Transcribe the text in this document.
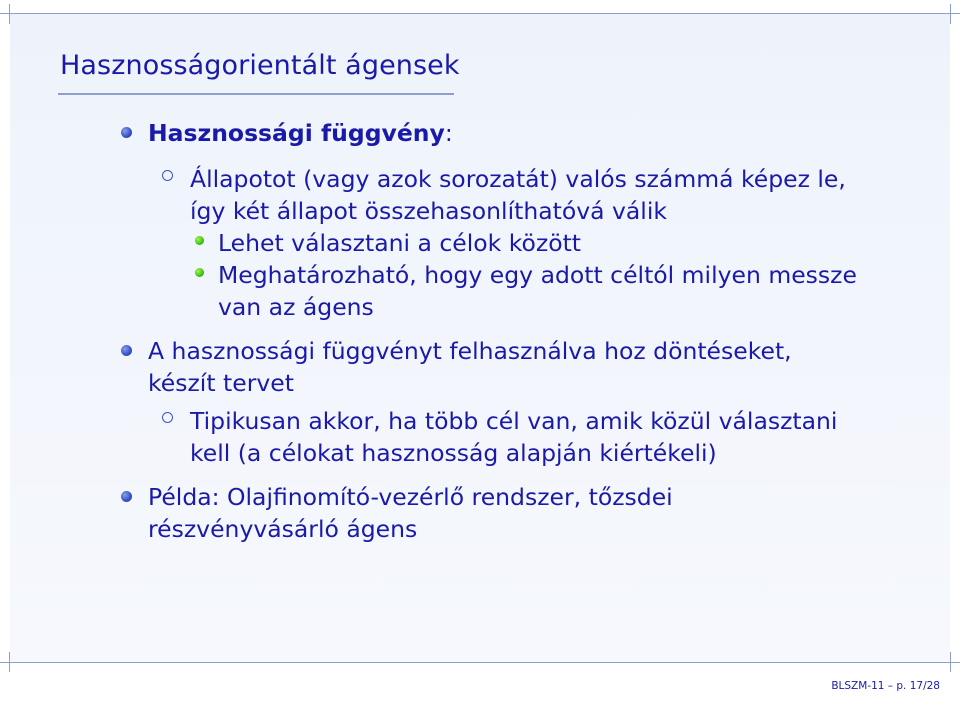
Hasznosságorientált ágensek
Hasznossági függvény:
Állapotot (vagy azok sorozatát) valós számmá képez le,
így két állapot összehasonlíthatóvá válik
Lehet választani a célok között
Meghatározható, hogy egy adott céltól milyen messze
van az ágens
A hasznossági függvényt felhasználva hoz döntéseket,
készít tervet
Tipikusan akkor, ha több cél van, amik közül választani
kell (a célokat hasznosság alapján kiértékeli)
Példa: Olajfinomító-vezérlő rendszer, tőzsdei
részvényvásárló ágens
BLSZM-11 – p. 17/28
